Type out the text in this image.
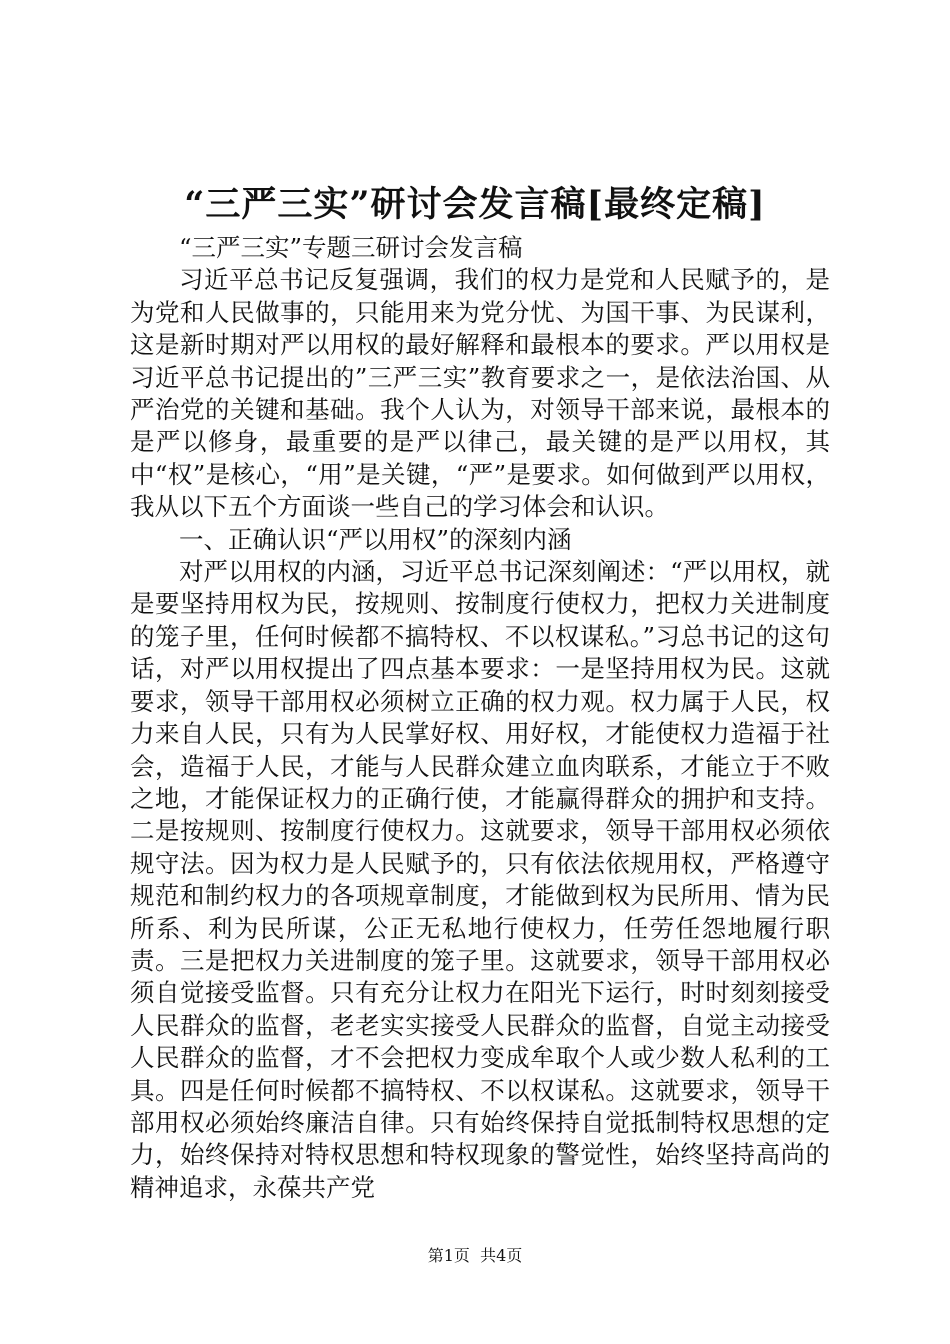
“三严三实”研讨会发言稿[最终定稿]

“三严三实”专题三研讨会发言稿

习近平总书记反复强调，我们的权力是党和人民赋予的，是为党和人民做事的，只能用来为党分忧、为国干事、为民谋利，这是新时期对严以用权的最好解释和最根本的要求。严以用权是习近平总书记提出的”三严三实”教育要求之一，是依法治国、从严治党的关键和基础。我个人认为，对领导干部来说，最根本的是严以修身，最重要的是严以律己，最关键的是严以用权，其中“权”是核心，“用”是关键，“严”是要求。如何做到严以用权，我从以下五个方面谈一些自己的学习体会和认识。

一、正确认识“严以用权”的深刻内涵

对严以用权的内涵，习近平总书记深刻阐述：“严以用权，就是要坚持用权为民，按规则、按制度行使权力，把权力关进制度的笼子里，任何时候都不搞特权、不以权谋私。”习总书记的这句话，对严以用权提出了四点基本要求：一是坚持用权为民。这就要求，领导干部用权必须树立正确的权力观。权力属于人民，权力来自人民，只有为人民掌好权、用好权，才能使权力造福于社会，造福于人民，才能与人民群众建立血肉联系，才能立于不败之地，才能保证权力的正确行使，才能赢得群众的拥护和支持。二是按规则、按制度行使权力。这就要求，领导干部用权必须依规守法。因为权力是人民赋予的，只有依法依规用权，严格遵守规范和制约权力的各项规章制度，才能做到权为民所用、情为民所系、利为民所谋，公正无私地行使权力，任劳任怨地履行职责。三是把权力关进制度的笼子里。这就要求，领导干部用权必须自觉接受监督。只有充分让权力在阳光下运行，时时刻刻接受人民群众的监督，老老实实接受人民群众的监督，自觉主动接受人民群众的监督，才不会把权力变成牟取个人或少数人私利的工具。四是任何时候都不搞特权、不以权谋私。这就要求，领导干部用权必须始终廉洁自律。只有始终保持自觉抵制特权思想的定力，始终保持对特权思想和特权现象的警觉性，始终坚持高尚的精神追求，永葆共产党

第1页 共4页
